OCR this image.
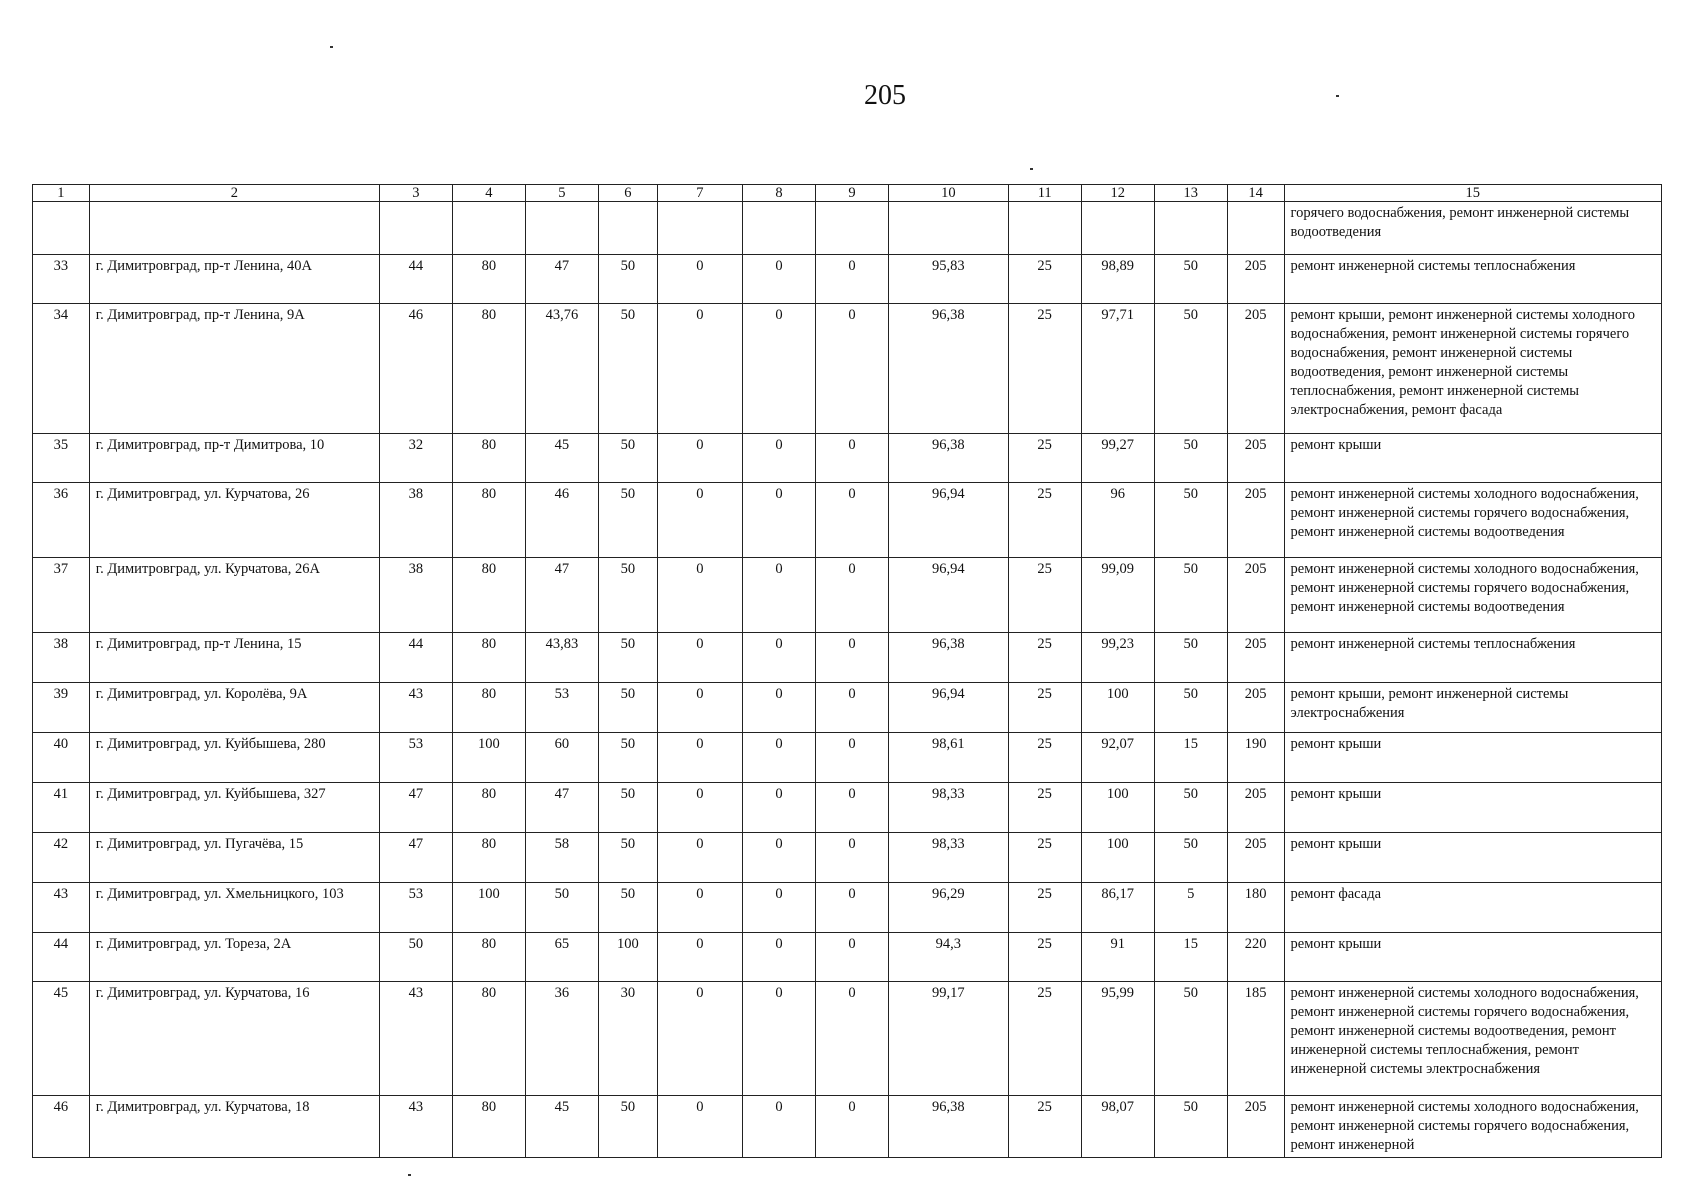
205
1	2	3	4	5	6	7	8	9	10	11	12	13	14	15
														горячего водоснабжения, ремонт инженерной системы водоотведения
33	г. Димитровград, пр-т Ленина, 40А	44	80	47	50	0	0	0	95,83	25	98,89	50	205	ремонт инженерной системы теплоснабжения
34	г. Димитровград, пр-т Ленина, 9А	46	80	43,76	50	0	0	0	96,38	25	97,71	50	205	ремонт крыши, ремонт инженерной системы холодного водоснабжения, ремонт инженерной системы горячего водоснабжения, ремонт инженерной системы водоотведения, ремонт инженерной системы теплоснабжения, ремонт инженерной системы электроснабжения, ремонт фасада
35	г. Димитровград, пр-т Димитрова, 10	32	80	45	50	0	0	0	96,38	25	99,27	50	205	ремонт крыши
36	г. Димитровград, ул. Курчатова, 26	38	80	46	50	0	0	0	96,94	25	96	50	205	ремонт инженерной системы холодного водоснабжения, ремонт инженерной системы горячего водоснабжения, ремонт инженерной системы водоотведения
37	г. Димитровград, ул. Курчатова, 26А	38	80	47	50	0	0	0	96,94	25	99,09	50	205	ремонт инженерной системы холодного водоснабжения, ремонт инженерной системы горячего водоснабжения, ремонт инженерной системы водоотведения
38	г. Димитровград, пр-т Ленина, 15	44	80	43,83	50	0	0	0	96,38	25	99,23	50	205	ремонт инженерной системы теплоснабжения
39	г. Димитровград, ул. Королёва, 9А	43	80	53	50	0	0	0	96,94	25	100	50	205	ремонт крыши, ремонт инженерной системы электроснабжения
40	г. Димитровград, ул. Куйбышева, 280	53	100	60	50	0	0	0	98,61	25	92,07	15	190	ремонт крыши
41	г. Димитровград, ул. Куйбышева, 327	47	80	47	50	0	0	0	98,33	25	100	50	205	ремонт крыши
42	г. Димитровград, ул. Пугачёва, 15	47	80	58	50	0	0	0	98,33	25	100	50	205	ремонт крыши
43	г. Димитровград, ул. Хмельницкого, 103	53	100	50	50	0	0	0	96,29	25	86,17	5	180	ремонт фасада
44	г. Димитровград, ул. Тореза, 2А	50	80	65	100	0	0	0	94,3	25	91	15	220	ремонт крыши
45	г. Димитровград, ул. Курчатова, 16	43	80	36	30	0	0	0	99,17	25	95,99	50	185	ремонт инженерной системы холодного водоснабжения, ремонт инженерной системы горячего водоснабжения, ремонт инженерной системы водоотведения, ремонт инженерной системы теплоснабжения, ремонт инженерной системы электроснабжения
46	г. Димитровград, ул. Курчатова, 18	43	80	45	50	0	0	0	96,38	25	98,07	50	205	ремонт инженерной системы холодного водоснабжения, ремонт инженерной системы горячего водоснабжения, ремонт инженерной
